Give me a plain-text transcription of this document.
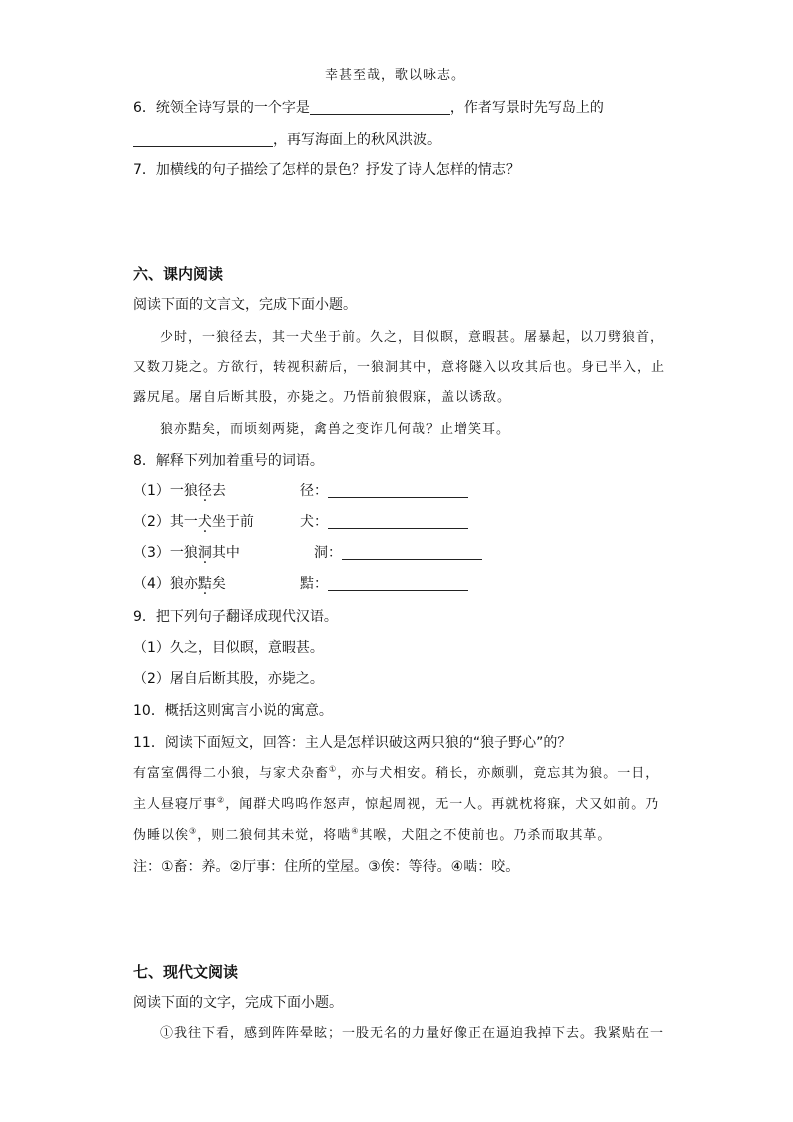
幸甚至哉，歌以咏志。
6．统领全诗写景的一个字是	，作者写景时先写岛上的
，再写海面上的秋风洪波。
7．加横线的句子描绘了怎样的景色？抒发了诗人怎样的情志？
六、课内阅读
阅读下面的文言文，完成下面小题。
少时，一狼径去，其一犬坐于前。久之，目似瞑，意暇甚。屠暴起，以刀劈狼首，
又数刀毙之。方欲行，转视积薪后，一狼洞其中，意将隧入以攻其后也。身已半入，止
露尻尾。屠自后断其股，亦毙之。乃悟前狼假寐，盖以诱敌。
狼亦黠矣，而顷刻两毙，禽兽之变诈几何哉？止增笑耳。
8．解释下列加着重号的词语。
（1）一狼径去	径：
（2）其一犬坐于前	犬：
（3）一狼洞其中	洞：
（4）狼亦黠矣	黠：
9．把下列句子翻译成现代汉语。
（1）久之，目似瞑，意暇甚。
（2）屠自后断其股，亦毙之。
10．概括这则寓言小说的寓意。
11．阅读下面短文，回答：主人是怎样识破这两只狼的“狼子野心”的？
有富室偶得二小狼，与家犬杂畜①，亦与犬相安。稍长，亦颇驯，竟忘其为狼。一日，
主人昼寝厅事②，闻群犬呜呜作怒声，惊起周视，无一人。再就枕将寐，犬又如前。乃
伪睡以俟③，则二狼伺其未觉，将啮④其喉，犬阻之不使前也。乃杀而取其革。
注：①畜：养。②厅事：住所的堂屋。③俟：等待。④啮：咬。
七、现代文阅读
阅读下面的文字，完成下面小题。
①我往下看，感到阵阵晕眩；一股无名的力量好像正在逼迫我掉下去。我紧贴在一
